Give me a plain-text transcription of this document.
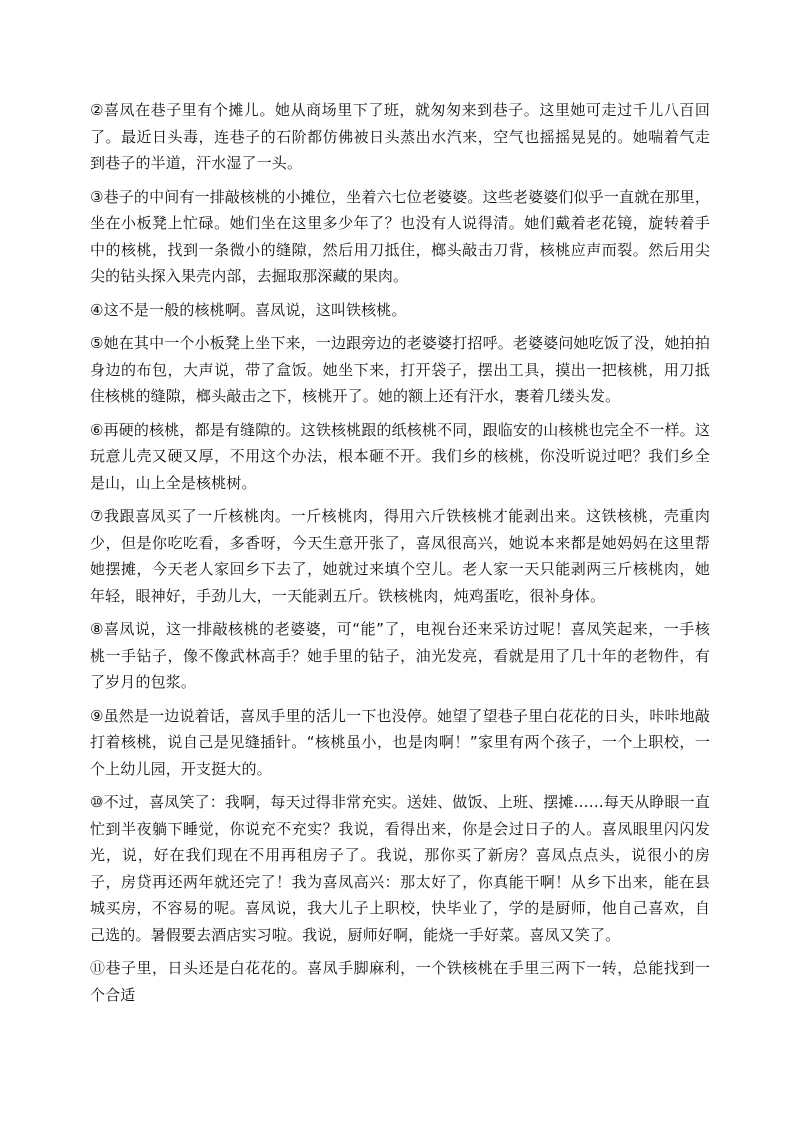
②喜凤在巷子里有个摊儿。她从商场里下了班，就匆匆来到巷子。这里她可走过千儿八百回了。最近日头毒，连巷子的石阶都仿佛被日头蒸出水汽来，空气也摇摇晃晃的。她喘着气走到巷子的半道，汗水湿了一头。

③巷子的中间有一排敲核桃的小摊位，坐着六七位老婆婆。这些老婆婆们似乎一直就在那里，坐在小板凳上忙碌。她们坐在这里多少年了？也没有人说得清。她们戴着老花镜，旋转着手中的核桃，找到一条微小的缝隙，然后用刀抵住，榔头敲击刀背，核桃应声而裂。然后用尖尖的钻头探入果壳内部，去掘取那深藏的果肉。

④这不是一般的核桃啊。喜凤说，这叫铁核桃。

⑤她在其中一个小板凳上坐下来，一边跟旁边的老婆婆打招呼。老婆婆问她吃饭了没，她拍拍身边的布包，大声说，带了盒饭。她坐下来，打开袋子，摆出工具，摸出一把核桃，用刀抵住核桃的缝隙，榔头敲击之下，核桃开了。她的额上还有汗水，裹着几缕头发。

⑥再硬的核桃，都是有缝隙的。这铁核桃跟的纸核桃不同，跟临安的山核桃也完全不一样。这玩意儿壳又硬又厚，不用这个办法，根本砸不开。我们乡的核桃，你没听说过吧？我们乡全是山，山上全是核桃树。

⑦我跟喜凤买了一斤核桃肉。一斤核桃肉，得用六斤铁核桃才能剥出来。这铁核桃，壳重肉少，但是你吃吃看，多香呀，今天生意开张了，喜凤很高兴，她说本来都是她妈妈在这里帮她摆摊，今天老人家回乡下去了，她就过来填个空儿。老人家一天只能剥两三斤核桃肉，她年轻，眼神好，手劲儿大，一天能剥五斤。铁核桃肉，炖鸡蛋吃，很补身体。

⑧喜凤说，这一排敲核桃的老婆婆，可“能”了，电视台还来采访过呢！喜凤笑起来，一手核桃一手钻子，像不像武林高手？她手里的钻子，油光发亮，看就是用了几十年的老物件，有了岁月的包浆。

⑨虽然是一边说着话，喜凤手里的活儿一下也没停。她望了望巷子里白花花的日头，咔咔地敲打着核桃，说自己是见缝插针。“核桃虽小，也是肉啊！”家里有两个孩子，一个上职校，一个上幼儿园，开支挺大的。

⑩不过，喜凤笑了：我啊，每天过得非常充实。送娃、做饭、上班、摆摊……每天从睁眼一直忙到半夜躺下睡觉，你说充不充实？我说，看得出来，你是会过日子的人。喜凤眼里闪闪发光，说，好在我们现在不用再租房子了。我说，那你买了新房？喜凤点点头，说很小的房子，房贷再还两年就还完了！我为喜凤高兴：那太好了，你真能干啊！从乡下出来，能在县城买房，不容易的呢。喜凤说，我大儿子上职校，快毕业了，学的是厨师，他自己喜欢，自己选的。暑假要去酒店实习啦。我说，厨师好啊，能烧一手好菜。喜凤又笑了。

⑪巷子里，日头还是白花花的。喜凤手脚麻利，一个铁核桃在手里三两下一转，总能找到一个合适
